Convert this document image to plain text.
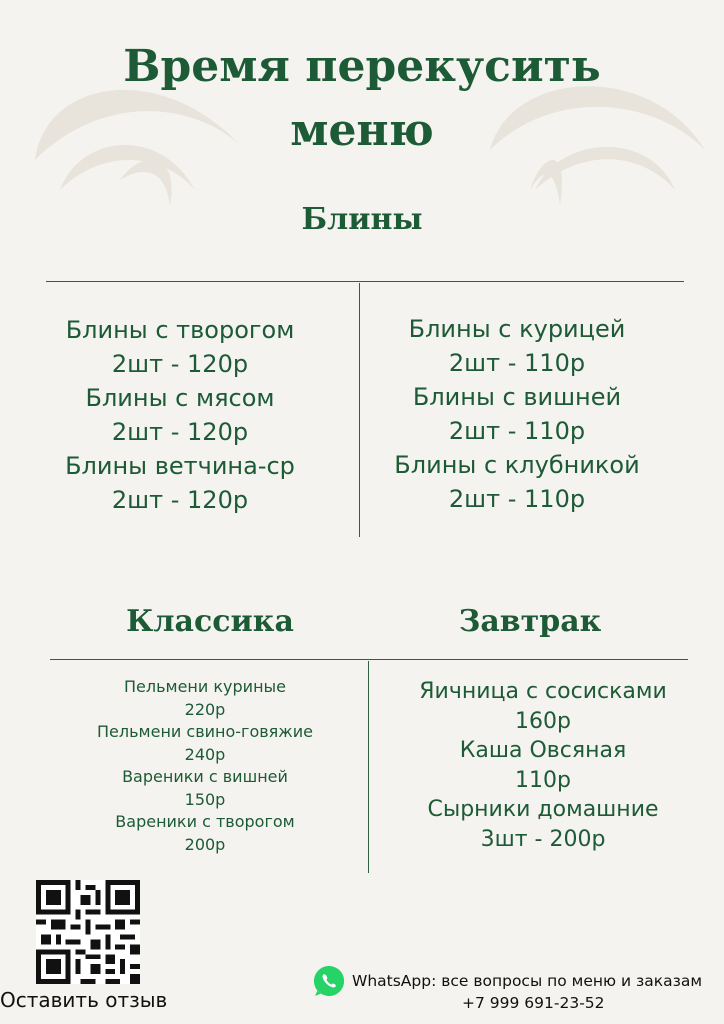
Время перекусить
меню
Блины
Блины с творогом
2шт - 120р
Блины с мясом
2шт - 120р
Блины ветчина-ср
2шт - 120р
Блины с курицей
2шт - 110р
Блины с вишней
2шт - 110р
Блины с клубникой
2шт - 110р
Классика	Завтрак
Пельмени куриные
220р
Пельмени свино-говяжие
240р
Вареники с вишней
150р
Вареники с творогом
200р
Яичница с сосисками
160р
Каша Овсяная
110р
Сырники домашние
3шт - 200р
Оставить отзыв
WhatsApp: все вопросы по меню и заказам
+7 999 691-23-52
